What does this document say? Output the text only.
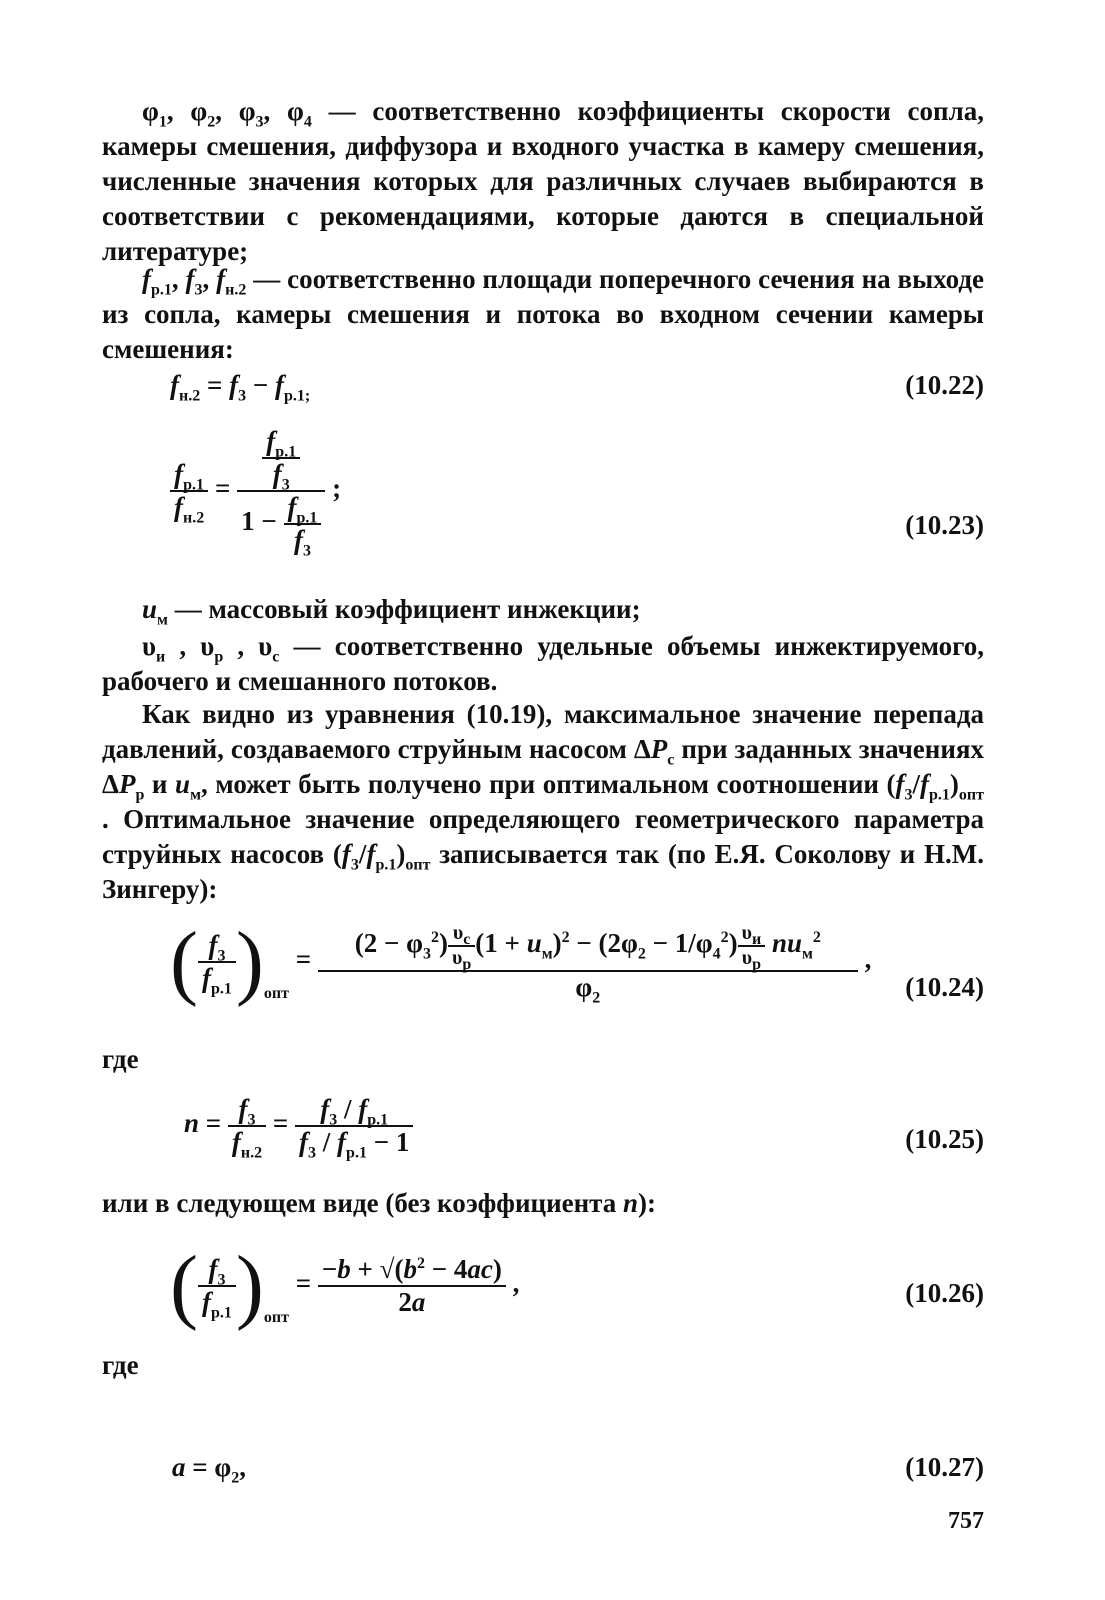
$\varphi_1$, $\varphi_2$, $\varphi_3$, $\varphi_4$ — соответственно коэффициенты скорости сопла, камеры смешения, диффузора и входного участка в камеру смешения, численные значения которых для различных случаев выбираются в соответствии с рекомендациями, которые даются в специальной литературе;

$f_{р.1}$, $f_3$, $f_{н.2}$ — соответственно площади поперечного сечения на выходе из сопла, камеры смешения и потока во входном сечении камеры смешения:

$f_{н.2} = f_3 - f_{р.1;}$	(10.22)
$\frac{f_{р.1}}{f_{н.2}} = \frac{\frac{f_{р.1}}{f_3}}{1 - \frac{f_{р.1}}{f_3}}$ ;
(10.23)

$и_м$ — массовый коэффициент инжекции;

$\upsilon_и$ , $\upsilon_р$ , $\upsilon_с$ — соответственно удельные объемы инжектируемого, рабочего и смешанного потоков.

Как видно из уравнения (10.19), максимальное значение перепада давлений, создаваемого струйным насосом $\Delta P_с$ при заданных значениях $\Delta P_р$ и $и_м$, может быть получено при оптимальном соотношении $(f_3/f_{р.1})_{опт}$ . Оптимальное значение определяющего геометрического параметра струйных насосов $(f_3/f_{р.1})_{опт}$ записывается так (по Е.Я. Соколову и Н.М. Зингеру):

( $\frac{f_3}{f_{р.1}} )_{опт} = \frac{(2 - \varphi_3^2) \frac{\upsilon_с}{\upsilon_р} (1 + и_м)^2 - (2\varphi_2 - 1/\varphi_4^2) \frac{\upsilon_и}{\upsilon_р} nи_м^2}{\varphi_2}$ ,
(10.24)
где
$n = \frac{f_3}{f_{н.2}} = \frac{f_3 / f_{р.1}}{f_3 / f_{р.1} - 1}$	(10.25)

или в следующем виде (без коэффициента n):

( $\frac{f_3}{f_{р.1}} )_{опт} = \frac{-b + √(b^2 - 4ac)}{2a}$ ,	(10.26)
где
$a = \varphi_2$,	(10.27)
757
